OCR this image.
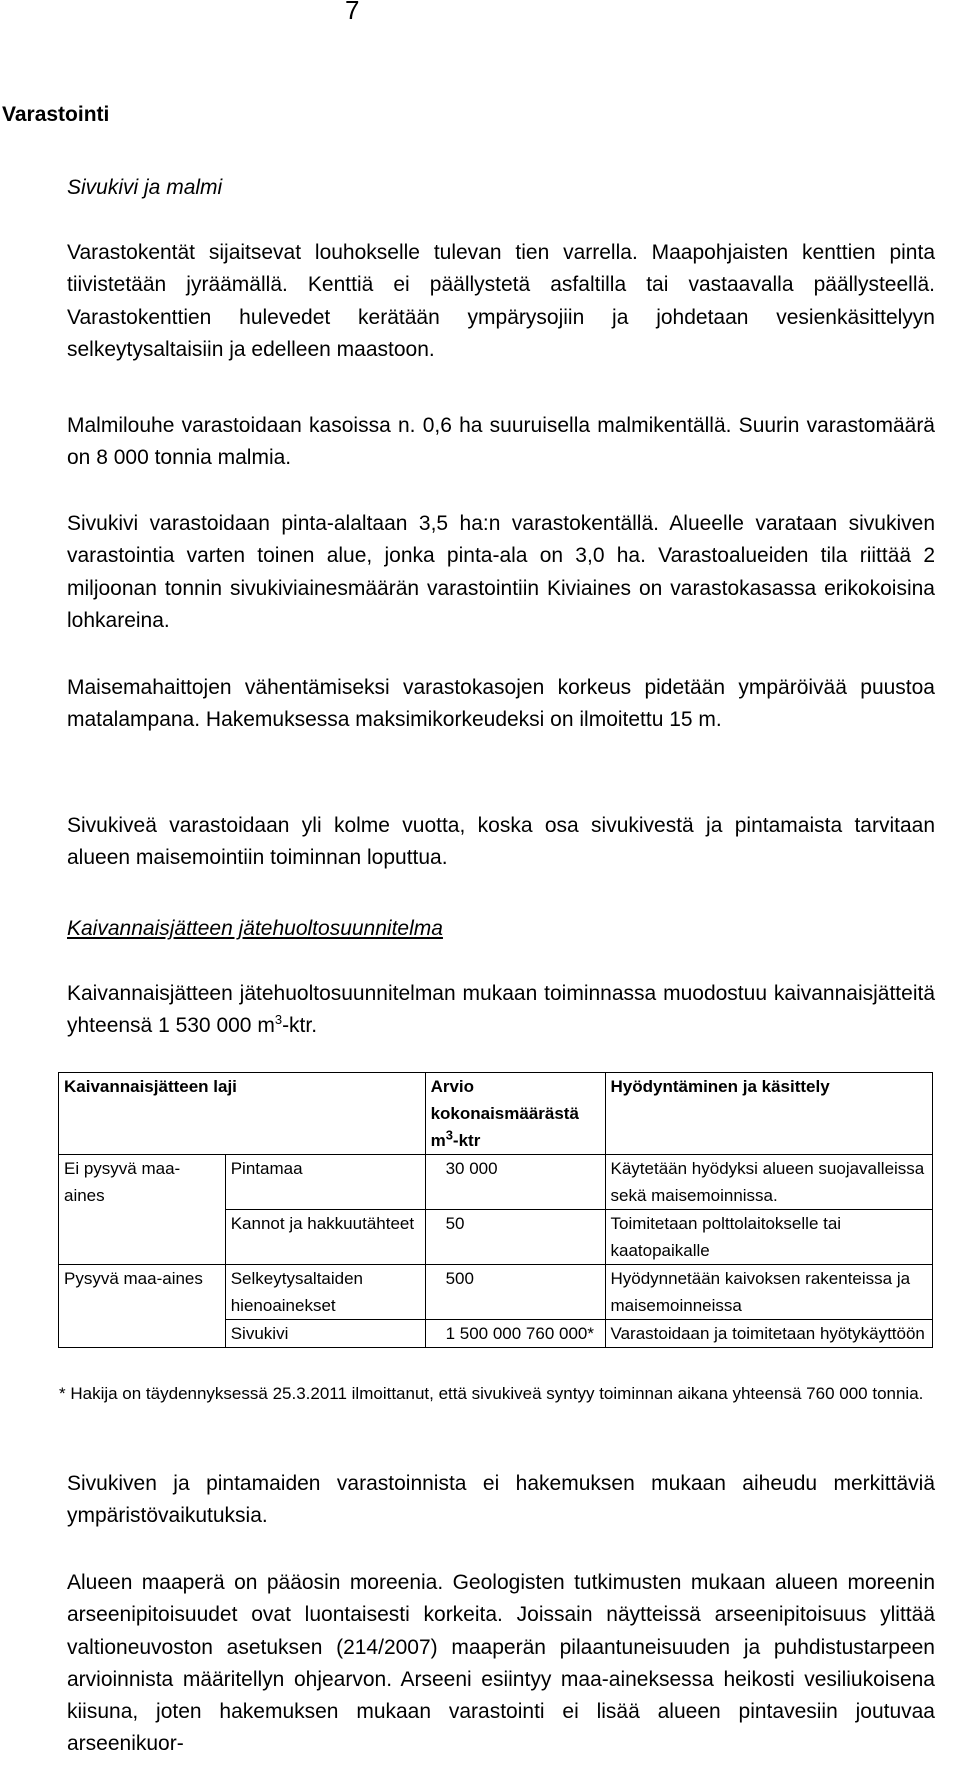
7
Varastointi
Sivukivi ja malmi
Varastokentät sijaitsevat louhokselle tulevan tien varrella. Maapohjaisten kenttien pinta tiivistetään jyräämällä. Kenttiä ei päällystetä asfaltilla tai vastaavalla päällysteellä. Varastokenttien hulevedet kerätään ympärysojiin ja johdetaan vesienkäsittelyyn selkeytysaltaisiin ja edelleen maastoon.
Malmilouhe varastoidaan kasoissa n. 0,6 ha suuruisella malmikentällä. Suurin varastomäärä on 8 000 tonnia malmia.
Sivukivi varastoidaan pinta-alaltaan 3,5 ha:n varastokentällä. Alueelle varataan sivukiven varastointia varten toinen alue, jonka pinta-ala on 3,0 ha. Varastoalueiden tila riittää 2 miljoonan tonnin sivukiviainesmäärän varastointiin Kiviaines on varastokasassa erikokoisina lohkareina.
Maisemahaittojen vähentämiseksi varastokasojen korkeus pidetään ympäröivää puustoa matalampana. Hakemuksessa maksimikorkeudeksi on ilmoitettu 15 m.
Sivukiveä varastoidaan yli kolme vuotta, koska osa sivukivestä ja pintamaista tarvitaan alueen maisemointiin toiminnan loputtua.
Kaivannaisjätteen jätehuoltosuunnitelma
Kaivannaisjätteen jätehuoltosuunnitelman mukaan toiminnassa muodostuu kaivannaisjätteitä yhteensä 1 530 000 $m^3$-ktr.
Kaivannaisjätteen laji		Arvio kokonaismäärästä $m^3$-ktr	Hyödyntäminen ja käsittely
Ei pysyvä maa-aines	Pintamaa	30 000	Käytetään hyödyksi alueen suojavalleissa sekä maisemoinnissa.
	Kannot ja hakkuutähteet	50	Toimitetaan polttolaitokselle tai kaatopaikalle
Pysyvä maa-aines	Selkeytysaltaiden hienoainekset	500	Hyödynnetään kaivoksen rakenteissa ja maisemoinneissa
	Sivukivi	1 500 000 760 000*	Varastoidaan ja toimitetaan hyötykäyttöön
* Hakija on täydennyksessä 25.3.2011 ilmoittanut, että sivukiveä syntyy toiminnan aikana yhteensä 760 000 tonnia.
Sivukiven ja pintamaiden varastoinnista ei hakemuksen mukaan aiheudu merkittäviä ympäristövaikutuksia.
Alueen maaperä on pääosin moreenia. Geologisten tutkimusten mukaan alueen moreenin arseenipitoisuudet ovat luontaisesti korkeita. Joissain näytteissä arseenipitoisuus ylittää valtioneuvoston asetuksen (214/2007) maaperän pilaantuneisuuden ja puhdistustarpeen arvioinnista määritellyn ohjearvon. Arseeni esiintyy maa-aineksessa heikosti vesiliukoisena kiisuna, joten hakemuksen mukaan varastointi ei lisää alueen pintavesiin joutuvaa arseenikuor-
